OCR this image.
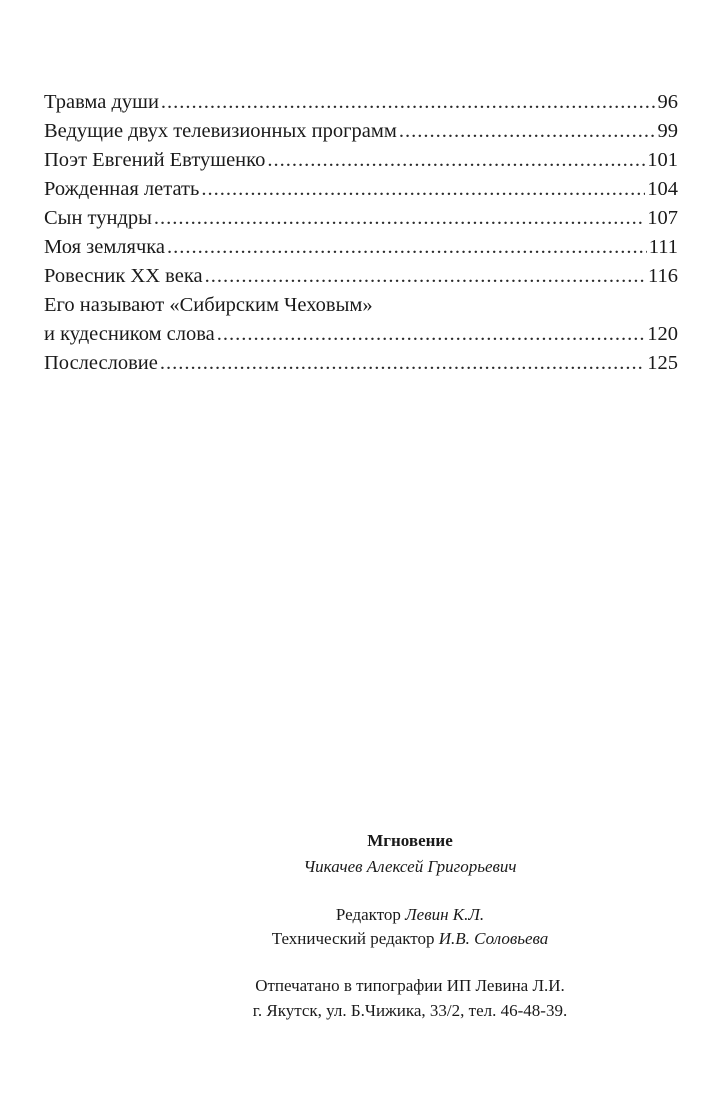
Травма души .....	96
Ведущие двух телевизионных программ .....	99
Поэт Евгений Евтушенко .....	101
Рожденная летать .....	104
Сын тундры .....	107
Моя землячка .....	111
Ровесник XX века .....	116
Его называют «Сибирским Чеховым»
и кудесником слова .....	120
Послесловие .....	125
Мгновение
Чикачев Алексей Григорьевич
Редактор Левин К.Л.
Технический редактор И.В. Соловьева
Отпечатано в типографии ИП Левина Л.И.
г. Якутск, ул. Б.Чижика, 33/2, тел. 46-48-39.
